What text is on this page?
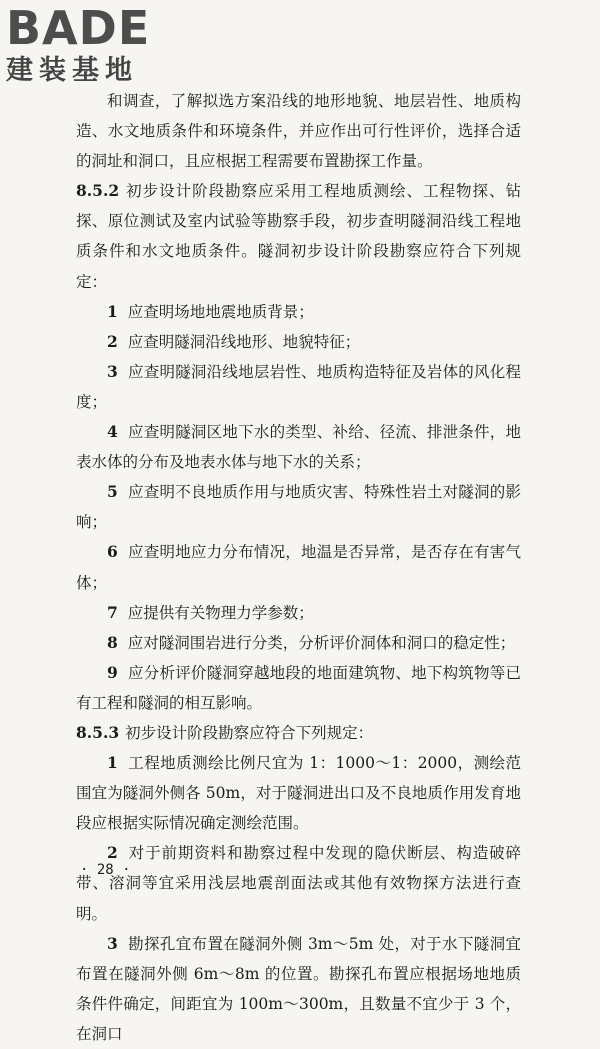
BADE
建装基地
和调查，了解拟选方案沿线的地形地貌、地层岩性、地质构造、水文地质条件和环境条件，并应作出可行性评价，选择合适的洞址和洞口，且应根据工程需要布置勘探工作量。
8.5.2 初步设计阶段勘察应采用工程地质测绘、工程物探、钻探、原位测试及室内试验等勘察手段，初步查明隧洞沿线工程地质条件和水文地质条件。隧洞初步设计阶段勘察应符合下列规定：
1 应查明场地地震地质背景；
2 应查明隧洞沿线地形、地貌特征；
3 应查明隧洞沿线地层岩性、地质构造特征及岩体的风化程度；
4 应查明隧洞区地下水的类型、补给、径流、排泄条件，地表水体的分布及地表水体与地下水的关系；
5 应查明不良地质作用与地质灾害、特殊性岩土对隧洞的影响；
6 应查明地应力分布情况，地温是否异常，是否存在有害气体；
7 应提供有关物理力学参数；
8 应对隧洞围岩进行分类，分析评价洞体和洞口的稳定性；
9 应分析评价隧洞穿越地段的地面建筑物、地下构筑物等已有工程和隧洞的相互影响。
8.5.3 初步设计阶段勘察应符合下列规定：
1 工程地质测绘比例尺宜为 1：1000～1：2000，测绘范围宜为隧洞外侧各 50m，对于隧洞进出口及不良地质作用发育地段应根据实际情况确定测绘范围。
2 对于前期资料和勘察过程中发现的隐伏断层、构造破碎带、溶洞等宜采用浅层地震剖面法或其他有效物探方法进行查明。
3 勘探孔宜布置在隧洞外侧 3m～5m 处，对于水下隧洞宜布置在隧洞外侧 6m～8m 的位置。勘探孔布置应根据场地地质条件件确定，间距宜为 100m～300m，且数量不宜少于 3 个，在洞口
· 28 ·
